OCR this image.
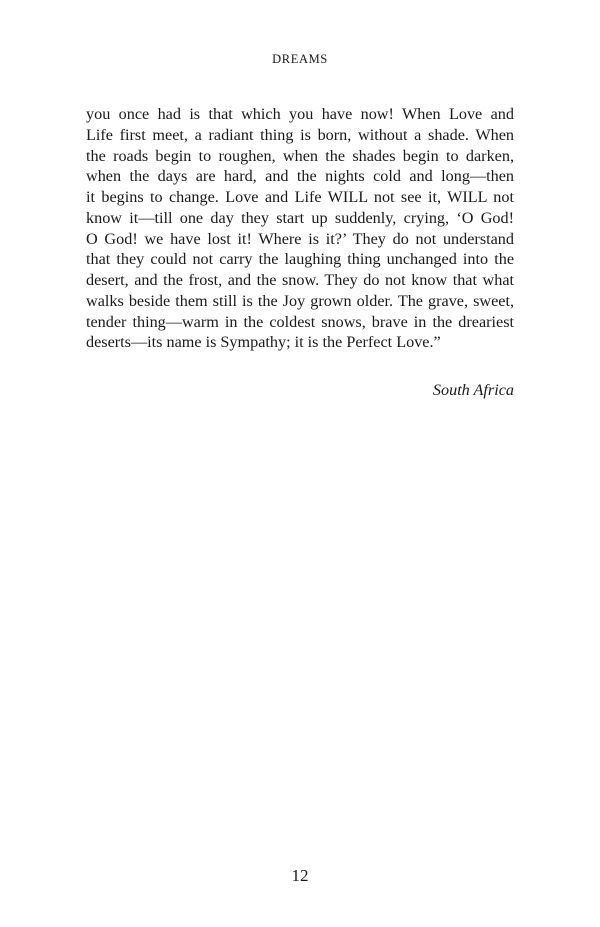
DREAMS
you once had is that which you have now! When Love and
Life first meet, a radiant thing is born, without a shade. When
the roads begin to roughen, when the shades begin to darken,
when the days are hard, and the nights cold and long—then
it begins to change. Love and Life WILL not see it, WILL not
know it—till one day they start up suddenly, crying, ‘O God!
O God! we have lost it! Where is it?’ They do not understand
that they could not carry the laughing thing unchanged into the
desert, and the frost, and the snow. They do not know that what
walks beside them still is the Joy grown older. The grave, sweet,
tender thing—warm in the coldest snows, brave in the dreariest
deserts—its name is Sympathy; it is the Perfect Love.”
South Africa
12
